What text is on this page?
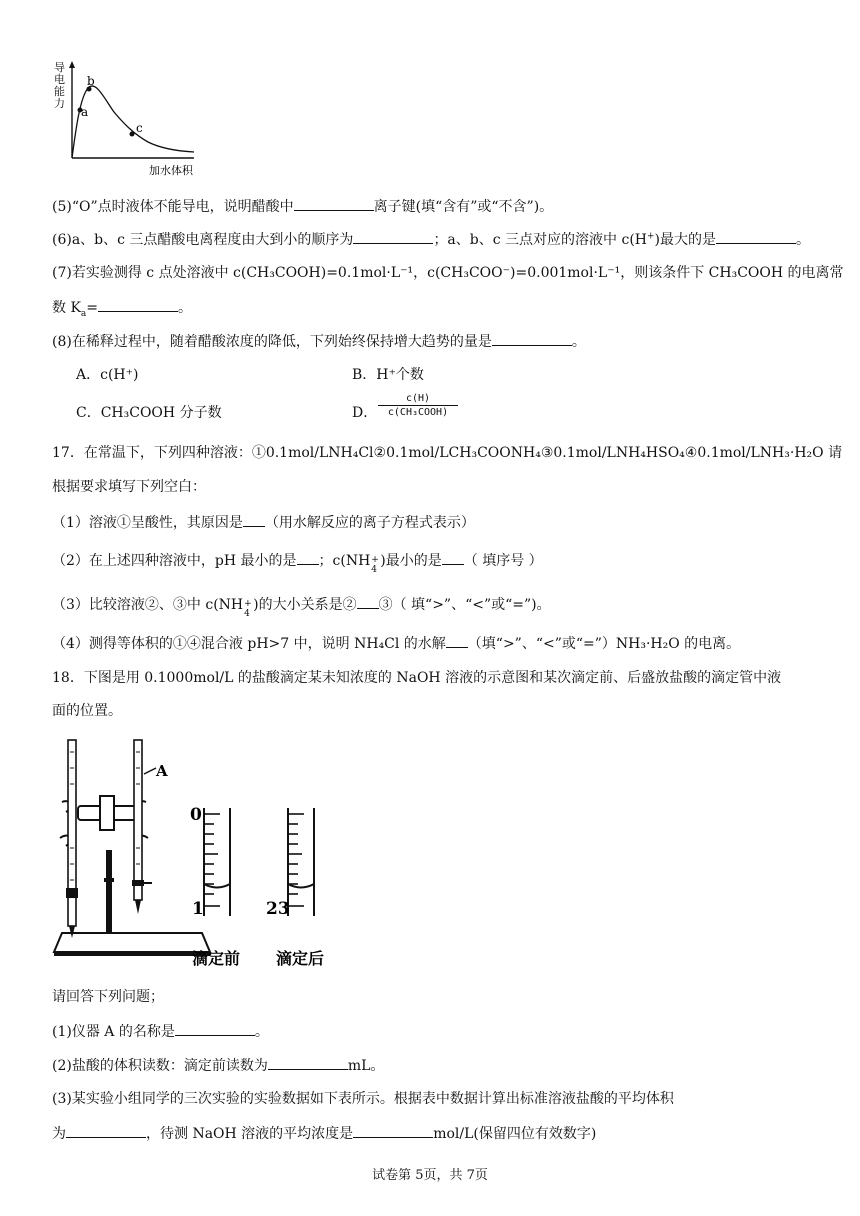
a
b
c
加水体积
导电能力
(5)“O”点时液体不能导电，说明醋酸中	离子键(填“含有”或“不含”)。
(6)a、b、c 三点醋酸电离程度由大到小的顺序为	；a、b、c 三点对应的溶液中 c(H+)最大的是	。
(7)若实验测得 c 点处溶液中 c(CH₃COOH)=0.1mol·L⁻¹，c(CH₃COO⁻)=0.001mol·L⁻¹，则该条件下 CH₃COOH 的电离常
数 $K_a=$	。
(8)在稀释过程中，随着醋酸浓度的降低，下列始终保持增大趋势的量是	。
A．c(H⁺)	B．H⁺个数
C．CH₃COOH 分子数	D．
c(H)
c(CH₃COOH)
17．在常温下，下列四种溶液：①0.1mol/LNH₄Cl②0.1mol/LCH₃COONH₄③0.1mol/LNH₄HSO₄④0.1mol/LNH₃·H₂O 请
根据要求填写下列空白：
（1）溶液①呈酸性，其原因是 （用水解反应的离子方程式表示）
（2）在上述四种溶液中，pH 最小的是 ；c(NH +
4
)最小的是 （ 填序号 ）
（3）比较溶液②、③中 c(NH +
4
)的大小关系是② ③（ 填“>”、“<”或“=”)。
（4）测得等体积的①④混合液 pH>7 中，说明 NH₄Cl 的水解 （填“>”、“<”或“=”）NH₃·H₂O 的电离。
18．下图是用 0.1000mol/L 的盐酸滴定某未知浓度的 NaOH 溶液的示意图和某次滴定前、后盛放盐酸的滴定管中液
面的位置。
A
0
1
滴定前
23
滴定后
请回答下列问题；
(1)仪器 A 的名称是	。
(2)盐酸的体积读数：滴定前读数为	mL。
(3)某实验小组同学的三次实验的实验数据如下表所示。根据表中数据计算出标准溶液盐酸的平均体积
为	，待测 NaOH 溶液的平均浓度是	mol/L(保留四位有效数字)
试卷第 5页，共 7页
